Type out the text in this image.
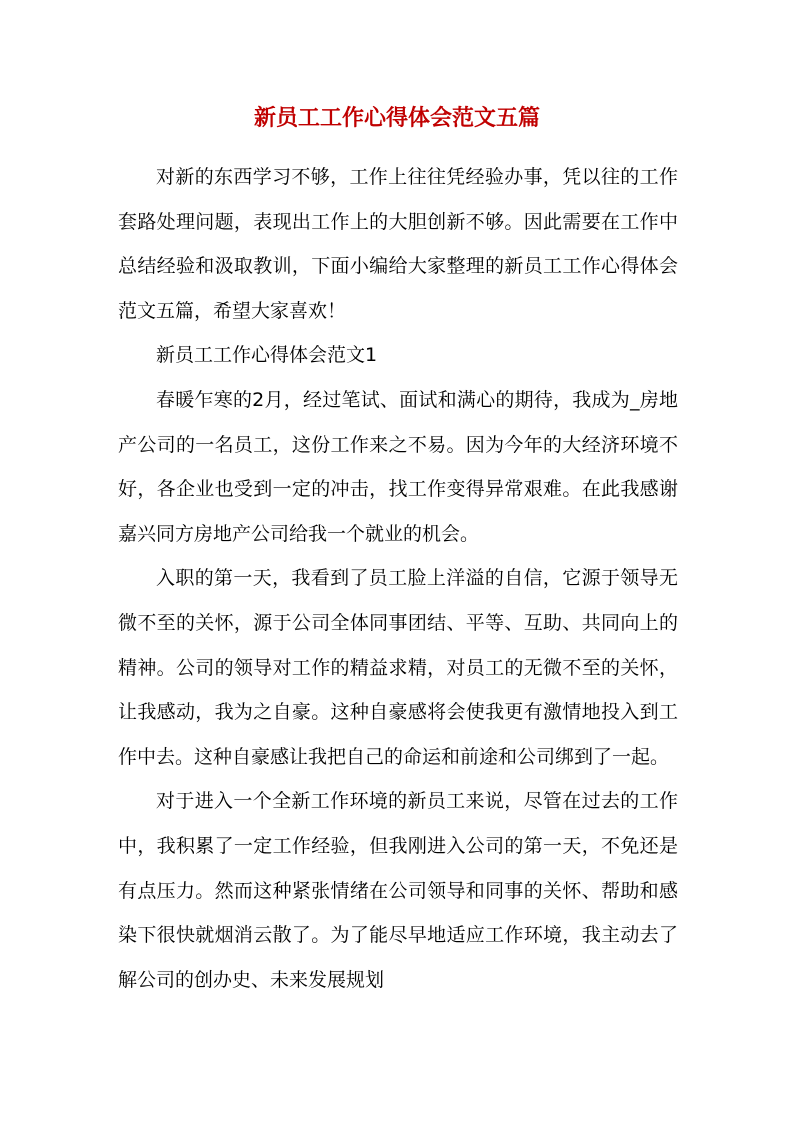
新员工工作心得体会范文五篇

对新的东西学习不够，工作上往往凭经验办事，凭以往的工作套路处理问题，表现出工作上的大胆创新不够。因此需要在工作中总结经验和汲取教训，下面小编给大家整理的新员工工作心得体会范文五篇，希望大家喜欢！

新员工工作心得体会范文1

春暖乍寒的2月，经过笔试、面试和满心的期待，我成为_房地产公司的一名员工，这份工作来之不易。因为今年的大经济环境不好，各企业也受到一定的冲击，找工作变得异常艰难。在此我感谢嘉兴同方房地产公司给我一个就业的机会。

入职的第一天，我看到了员工脸上洋溢的自信，它源于领导无微不至的关怀，源于公司全体同事团结、平等、互助、共同向上的精神。公司的领导对工作的精益求精，对员工的无微不至的关怀，让我感动，我为之自豪。这种自豪感将会使我更有激情地投入到工作中去。这种自豪感让我把自己的命运和前途和公司绑到了一起。

对于进入一个全新工作环境的新员工来说，尽管在过去的工作中，我积累了一定工作经验，但我刚进入公司的第一天，不免还是有点压力。然而这种紧张情绪在公司领导和同事的关怀、帮助和感染下很快就烟消云散了。为了能尽早地适应工作环境，我主动去了解公司的创办史、未来发展规划
